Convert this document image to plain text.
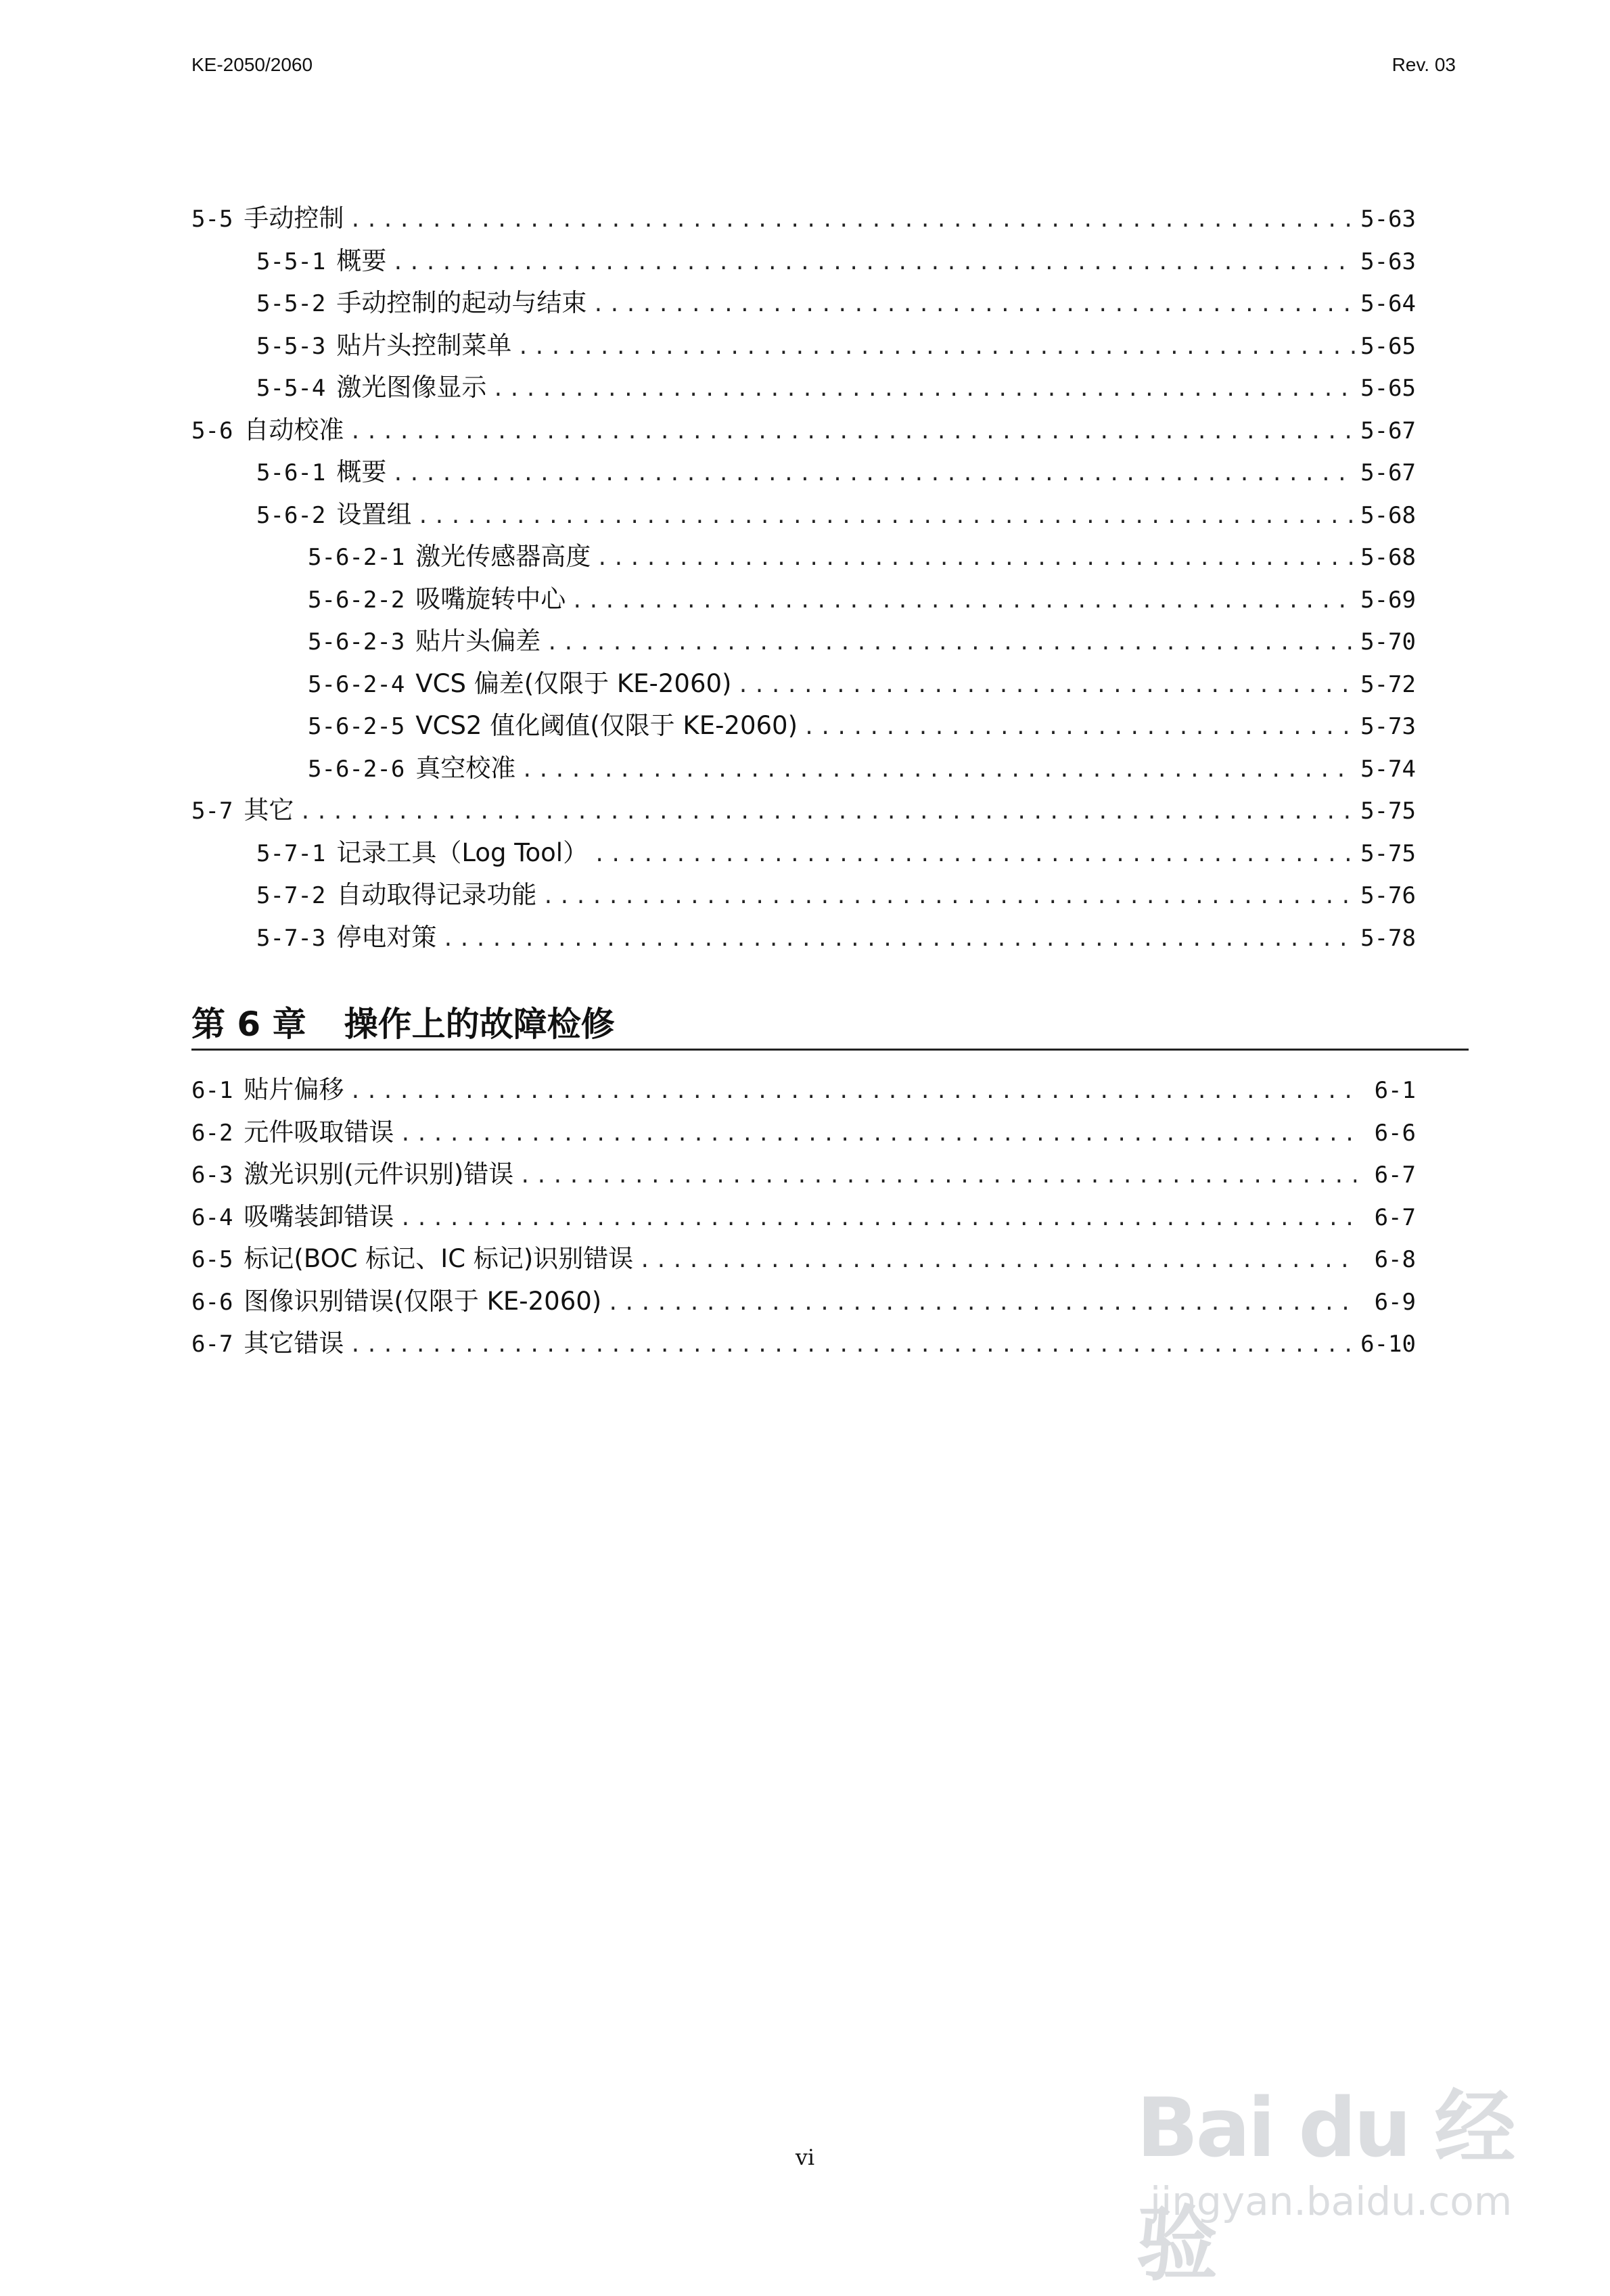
KE-2050/2060	Rev. 03
5-5 手动控制 .....	5-63
5-5-1 概要 .....	5-63
5-5-2 手动控制的起动与结束 .....	5-64
5-5-3 贴片头控制菜单 .....	5-65
5-5-4 激光图像显示 .....	5-65
5-6 自动校准 .....	5-67
5-6-1 概要 .....	5-67
5-6-2 设置组 .....	5-68
5-6-2-1 激光传感器高度 .....	5-68
5-6-2-2 吸嘴旋转中心 .....	5-69
5-6-2-3 贴片头偏差 .....	5-70
5-6-2-4 VCS 偏差(仅限于 KE-2060) .....	5-72
5-6-2-5 VCS2 值化阈值(仅限于 KE-2060) .....	5-73
5-6-2-6 真空校准 .....	5-74
5-7 其它 .....	5-75
5-7-1 记录工具（Log Tool） .....	5-75
5-7-2 自动取得记录功能 .....	5-76
5-7-3 停电对策 .....	5-78
第 6 章 操作上的故障检修
6-1 贴片偏移 .....	6-1
6-2 元件吸取错误 .....	6-6
6-3 激光识别(元件识别)错误 .....	6-7
6-4 吸嘴装卸错误 .....	6-7
6-5 标记(BOC 标记、IC 标记)识别错误 .....	6-8
6-6 图像识别错误(仅限于 KE-2060) .....	6-9
6-7 其它错误 .....	6-10
vi	Bai du 经验
jingyan.baidu.com
